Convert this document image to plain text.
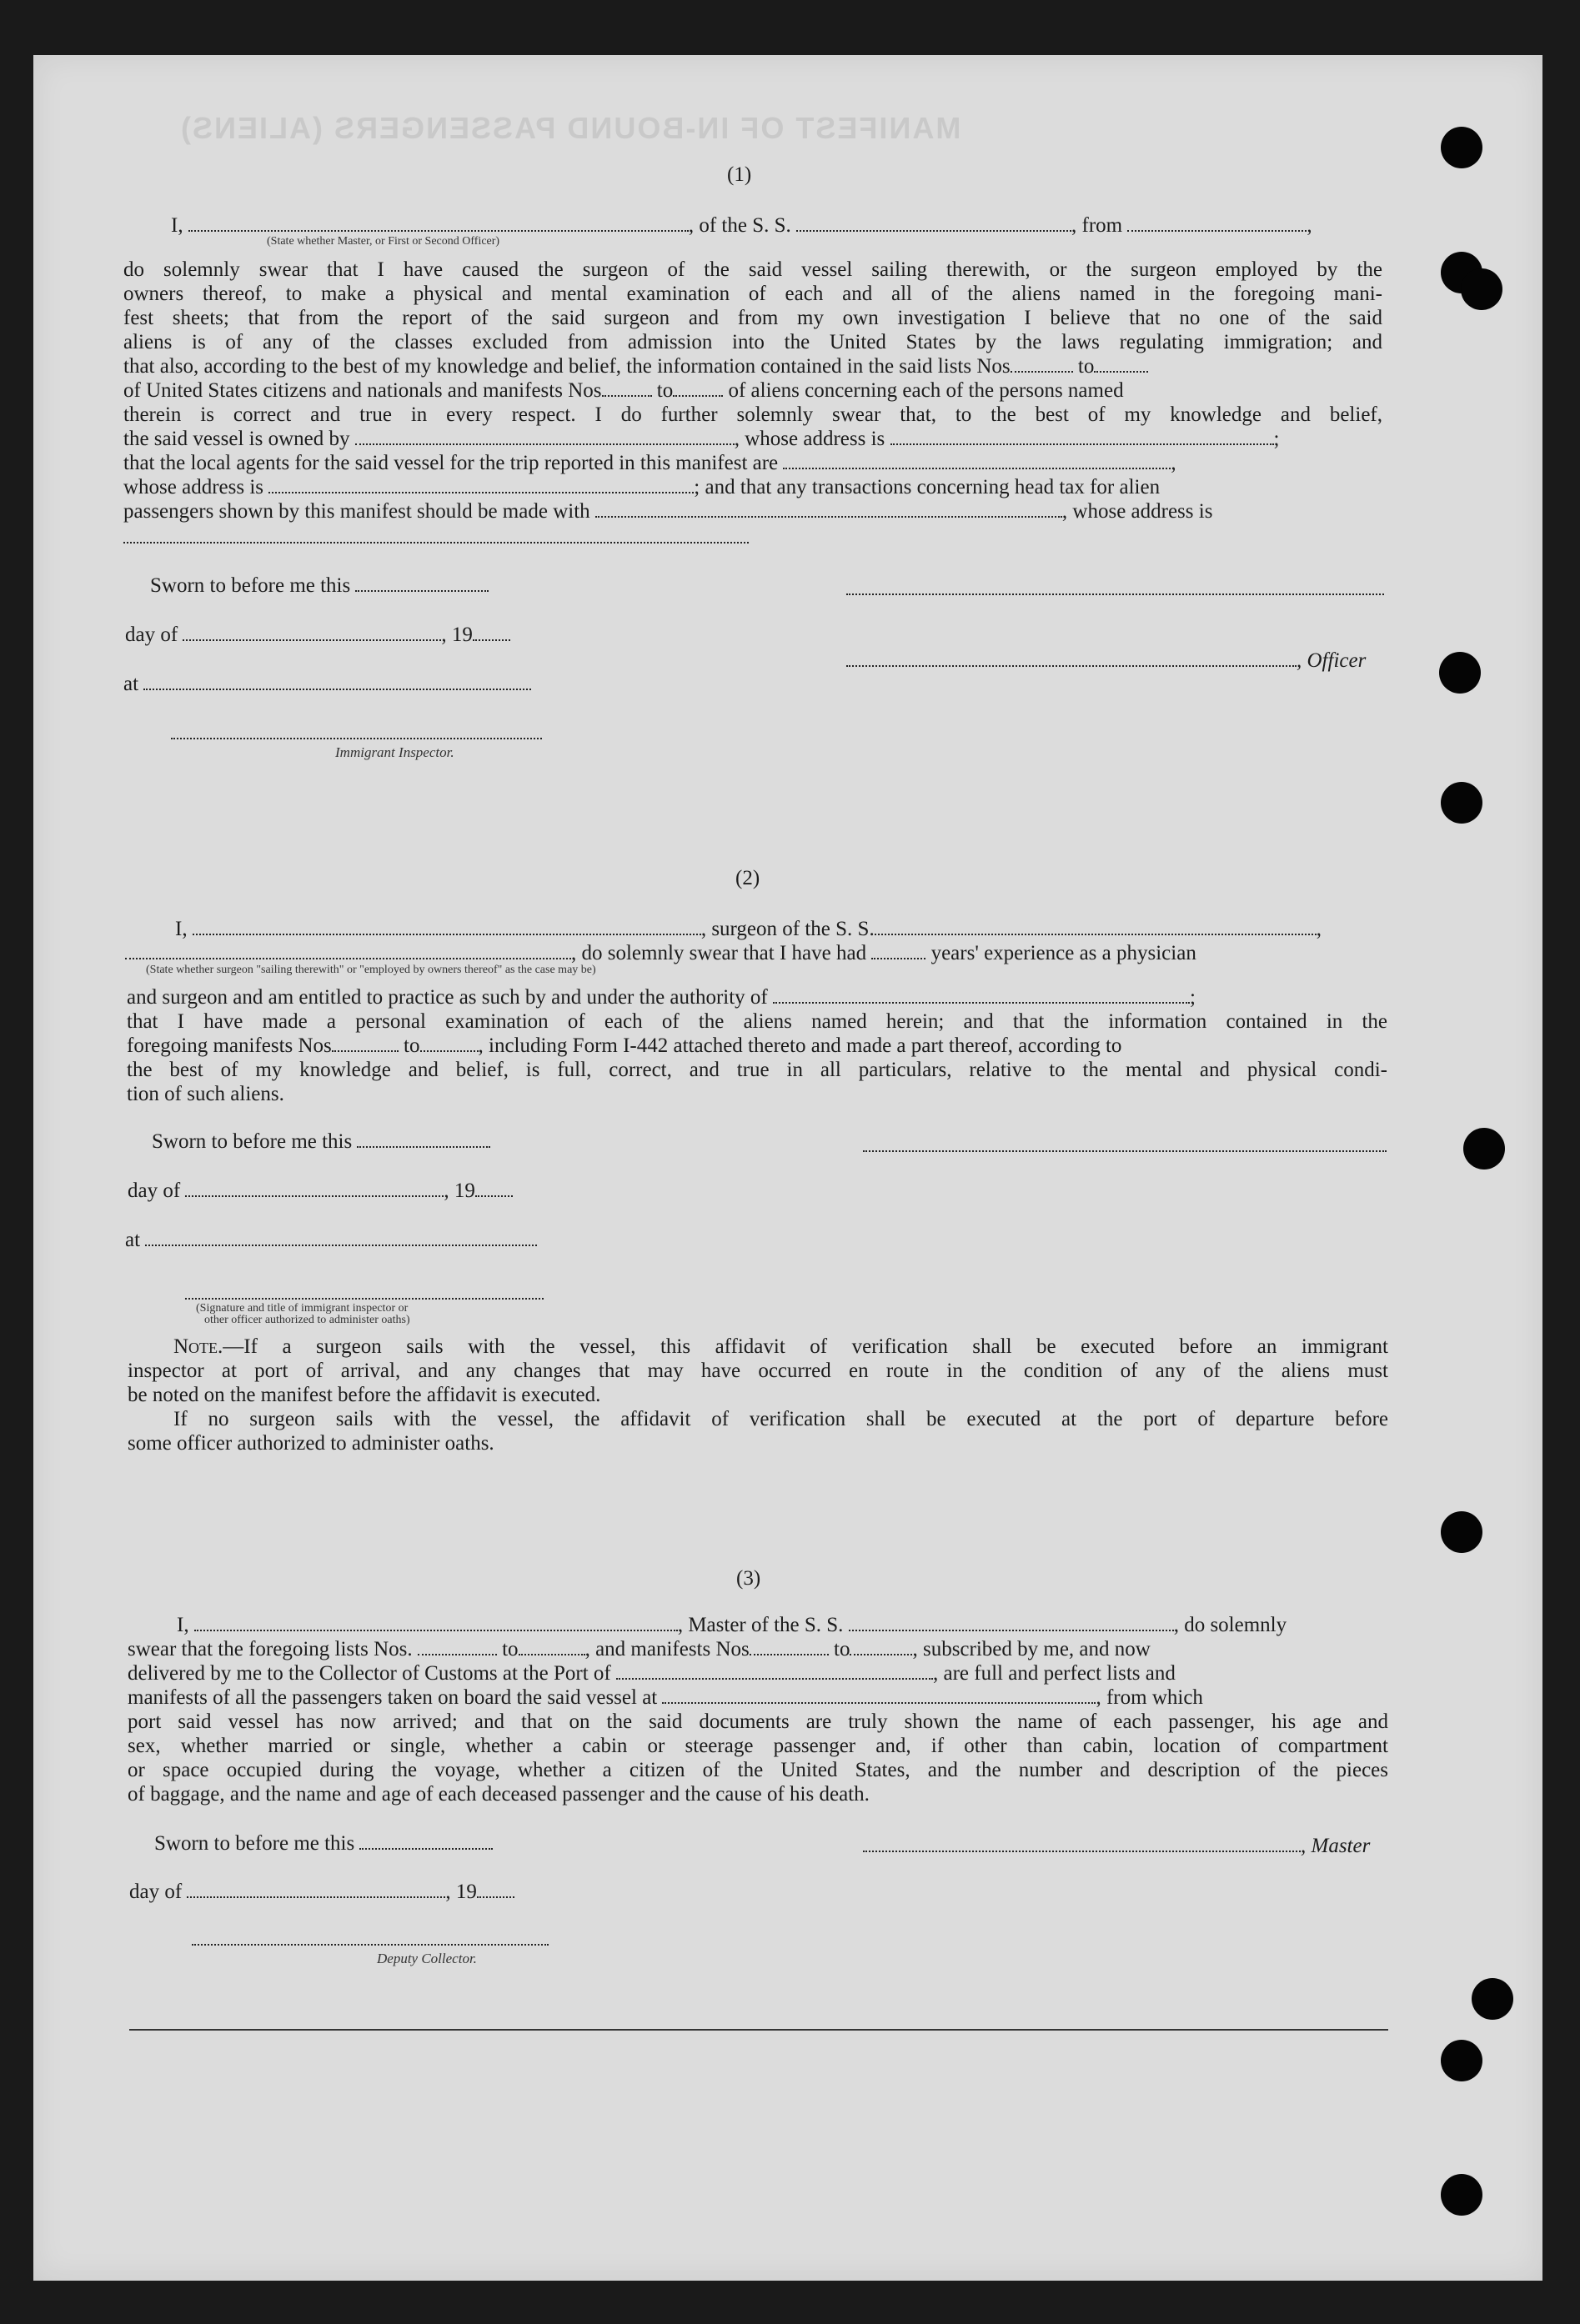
MANIFEST OF IN-BOUND PASSENGERS (ALIENS)
(1)
I,	, of the S. S.	, from	,
(State whether Master, or First or Second Officer)
do solemnly swear that I have caused the surgeon of the said vessel sailing therewith, or the surgeon employed by the
owners thereof, to make a physical and mental examination of each and all of the aliens named in the foregoing mani-
fest sheets; that from the report of the said surgeon and from my own investigation I believe that no one of the said
aliens is of any of the classes excluded from admission into the United States by the laws regulating immigration; and
that also, according to the best of my knowledge and belief, the information contained in the said lists Nos	to
of United States citizens and nationals and manifests Nos	to	of aliens concerning each of the persons named
therein is correct and true in every respect. I do further solemnly swear that, to the best of my knowledge and belief,
the said vessel is owned by	, whose address is	;
that the local agents for the said vessel for the trip reported in this manifest are	,
whose address is	; and that any transactions concerning head tax for alien
passengers shown by this manifest should be made with	, whose address is
Sworn to before me this
day of	, 19
, Officer
at
Immigrant Inspector.
(2)
I,	, surgeon of the S. S.	,
, do solemnly swear that I have had	years' experience as a physician
(State whether surgeon "sailing therewith" or "employed by owners thereof" as the case may be)
and surgeon and am entitled to practice as such by and under the authority of	;
that I have made a personal examination of each of the aliens named herein; and that the information contained in the
foregoing manifests Nos	to	, including Form I-442 attached thereto and made a part thereof, according to
the best of my knowledge and belief, is full, correct, and true in all particulars, relative to the mental and physical condi-
tion of such aliens.
Sworn to before me this
day of	, 19
at
(Signature and title of immigrant inspector or
other officer authorized to administer oaths)
Note.—If a surgeon sails with the vessel, this affidavit of verification shall be executed before an immigrant
inspector at port of arrival, and any changes that may have occurred en route in the condition of any of the aliens must
be noted on the manifest before the affidavit is executed.
If no surgeon sails with the vessel, the affidavit of verification shall be executed at the port of departure before
some officer authorized to administer oaths.
(3)
I,	, Master of the S. S.	, do solemnly
swear that the foregoing lists Nos.	to	, and manifests Nos	to	, subscribed by me, and now
delivered by me to the Collector of Customs at the Port of	, are full and perfect lists and
manifests of all the passengers taken on board the said vessel at	, from which
port said vessel has now arrived; and that on the said documents are truly shown the name of each passenger, his age and
sex, whether married or single, whether a cabin or steerage passenger and, if other than cabin, location of compartment
or space occupied during the voyage, whether a citizen of the United States, and the number and description of the pieces
of baggage, and the name and age of each deceased passenger and the cause of his death.
Sworn to before me this	, Master
day of	, 19
Deputy Collector.
